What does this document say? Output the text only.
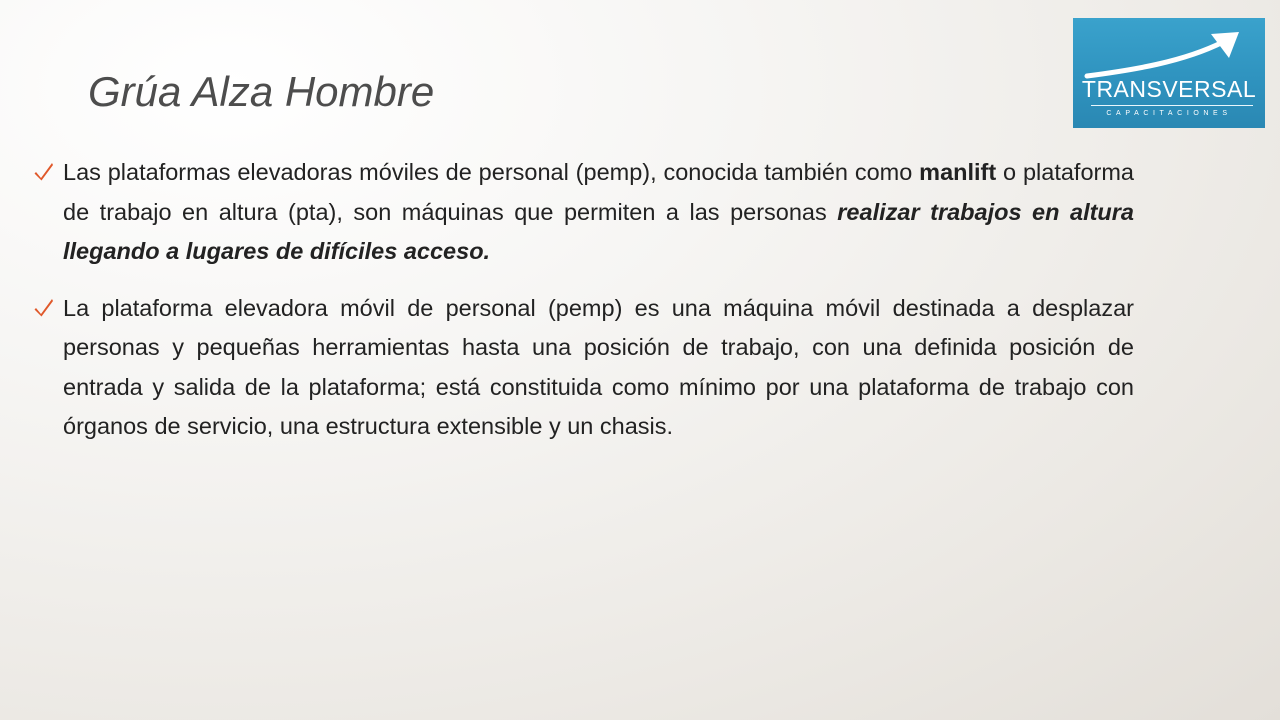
Grúa Alza Hombre	TRANSVERSAL
CAPACITACIONES
Las plataformas elevadoras móviles de personal (pemp), conocida también como manlift o plataforma de trabajo en altura (pta), son máquinas que permiten a las personas realizar trabajos en altura llegando a lugares de difíciles acceso.
La plataforma elevadora móvil de personal (pemp) es una máquina móvil destinada a desplazar personas y pequeñas herramientas hasta una posición de trabajo, con una definida posición de entrada y salida de la plataforma; está constituida como mínimo por una plataforma de trabajo con órganos de servicio, una estructura extensible y un chasis.
